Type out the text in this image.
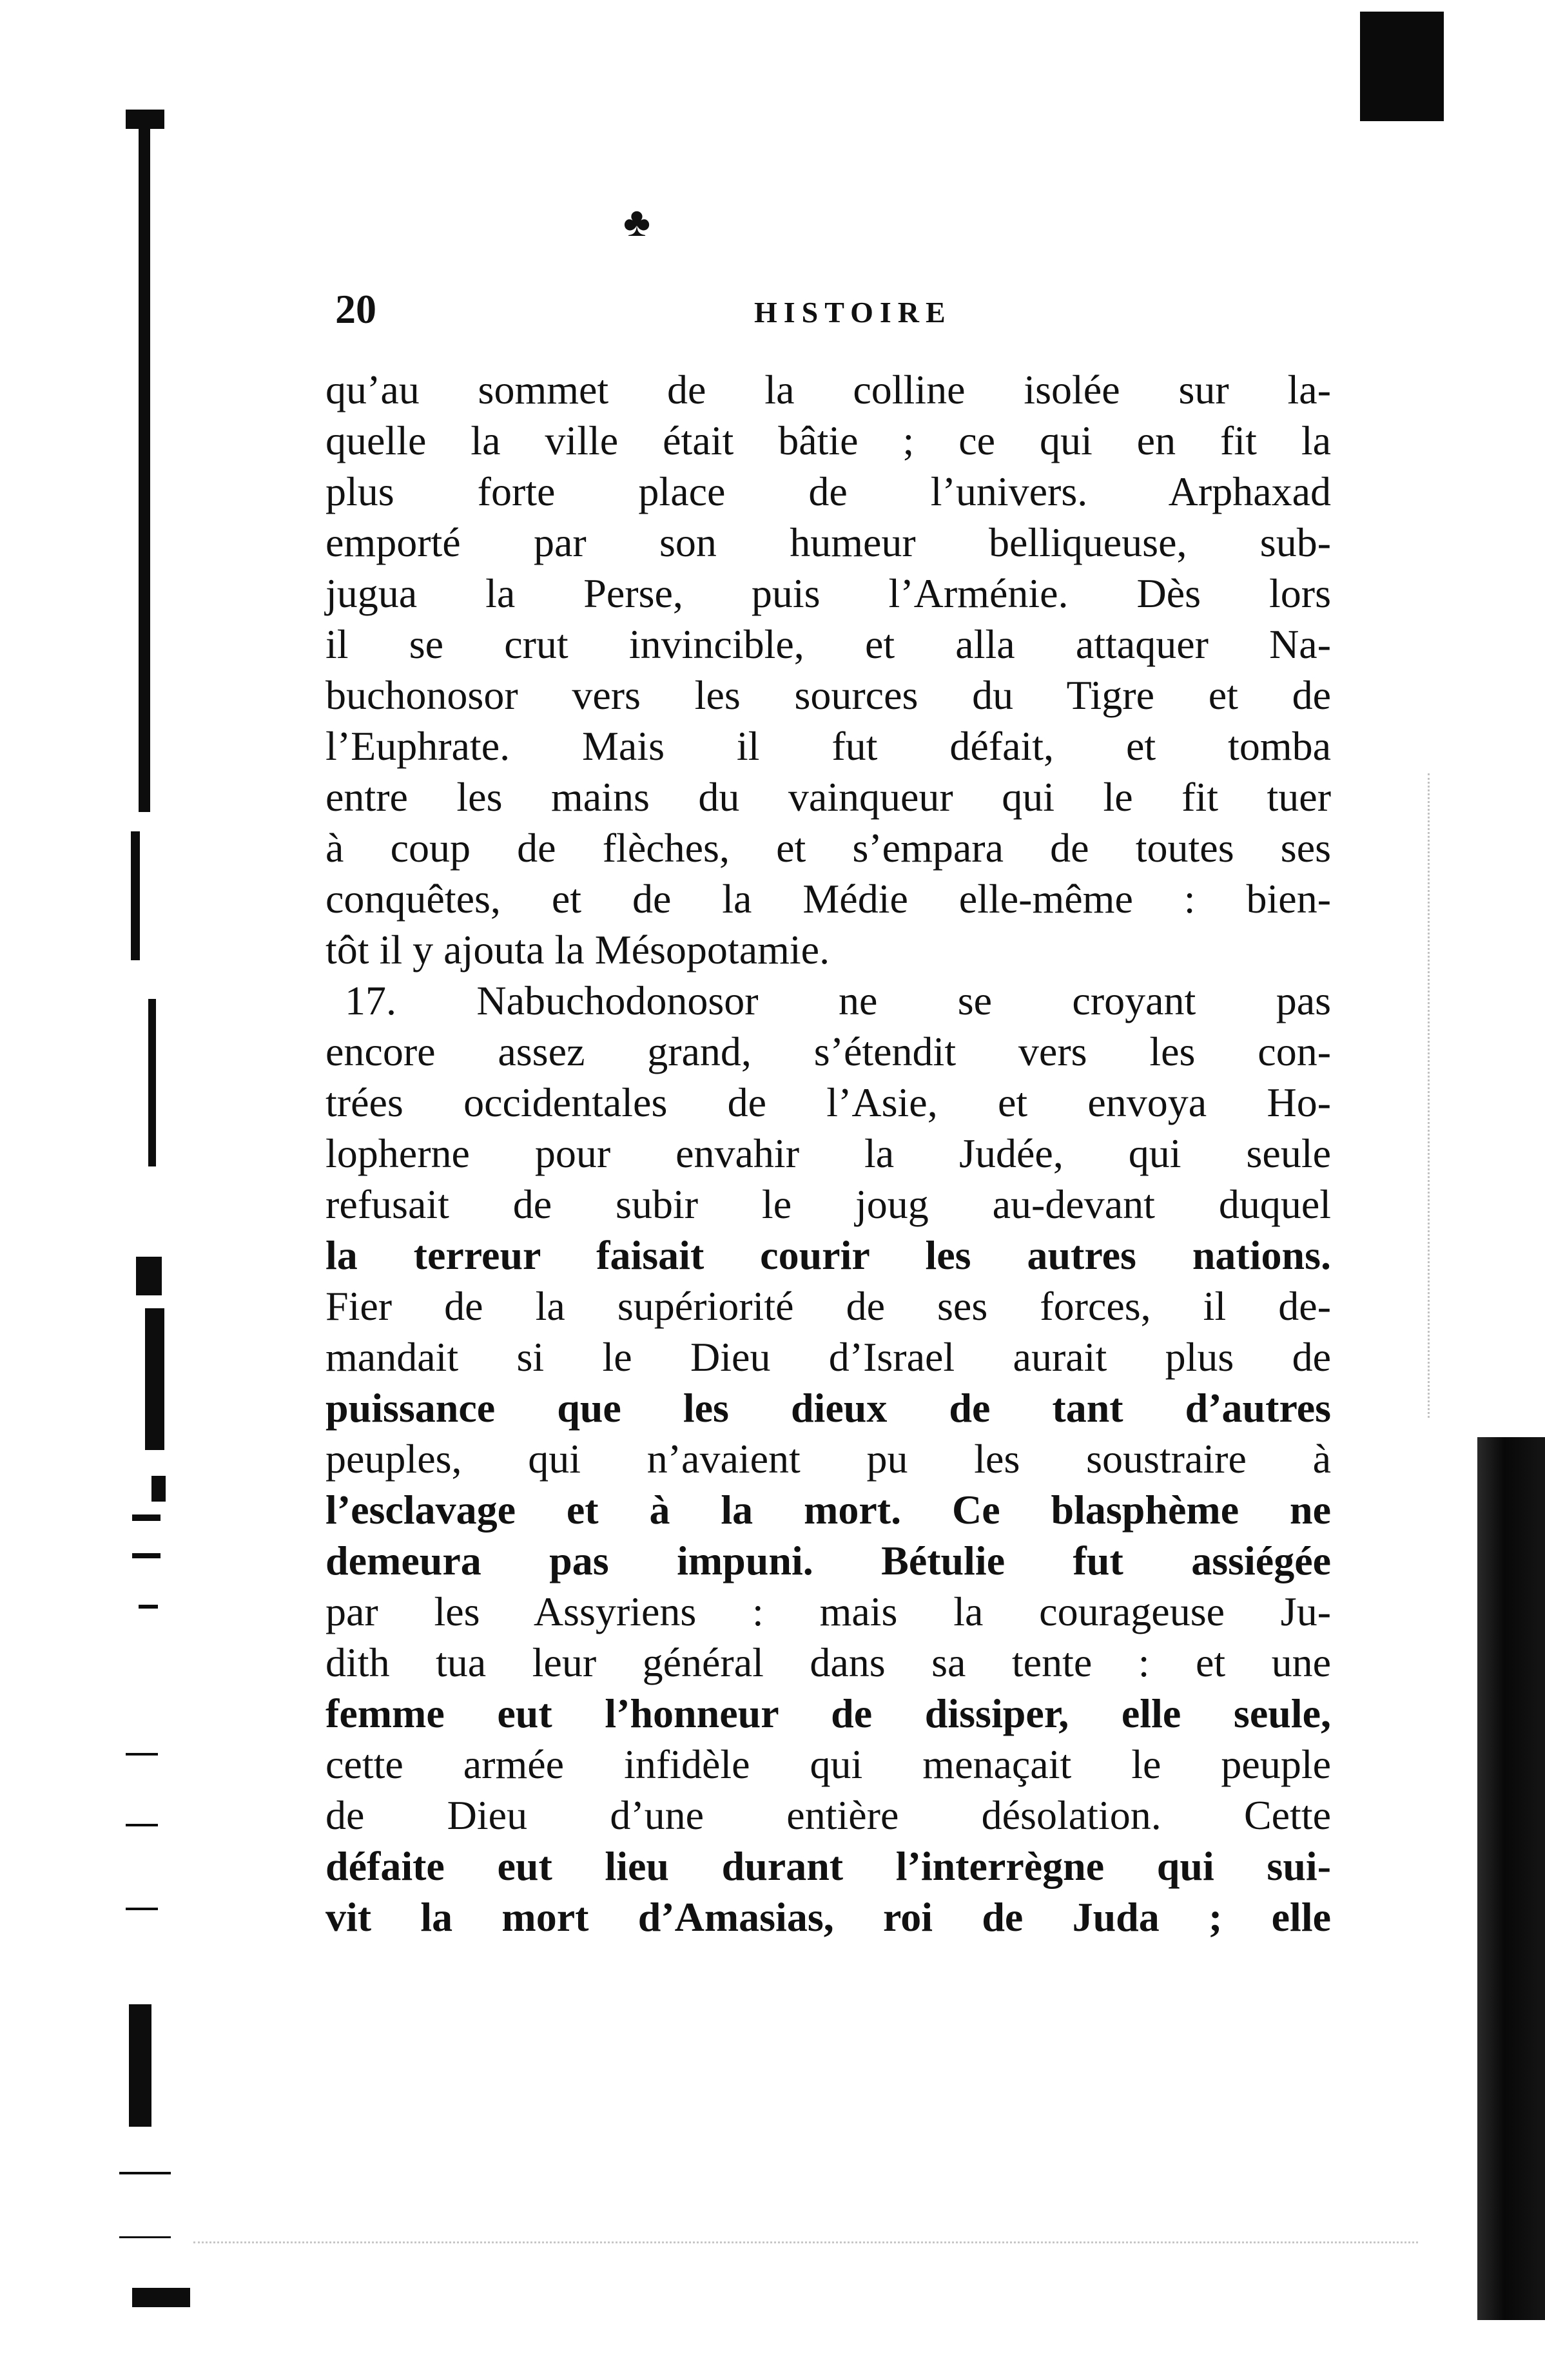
♣
20	HISTOIRE
qu’au sommet de la colline isolée sur la-
quelle la ville était bâtie ; ce qui en fit la
plus forte place de l’univers. Arphaxad
emporté par son humeur belliqueuse, sub-
jugua la Perse, puis l’Arménie. Dès lors
il se crut invincible, et alla attaquer Na-
buchonosor vers les sources du Tigre et de
l’Euphrate. Mais il fut défait, et tomba
entre les mains du vainqueur qui le fit tuer
à coup de flèches, et s’empara de toutes ses
conquêtes, et de la Médie elle-même : bien-
tôt il y ajouta la Mésopotamie.
17. Nabuchodonosor ne se croyant pas
encore assez grand, s’étendit vers les con-
trées occidentales de l’Asie, et envoya Ho-
lopherne pour envahir la Judée, qui seule
refusait de subir le joug au-devant duquel
la terreur faisait courir les autres nations.
Fier de la supériorité de ses forces, il de-
mandait si le Dieu d’Israel aurait plus de
puissance que les dieux de tant d’autres
peuples, qui n’avaient pu les soustraire à
l’esclavage et à la mort. Ce blasphème ne
demeura pas impuni. Bétulie fut assiégée
par les Assyriens : mais la courageuse Ju-
dith tua leur général dans sa tente : et une
femme eut l’honneur de dissiper, elle seule,
cette armée infidèle qui menaçait le peuple
de Dieu d’une entière désolation. Cette
défaite eut lieu durant l’interrègne qui sui-
vit la mort d’Amasias, roi de Juda ; elle
